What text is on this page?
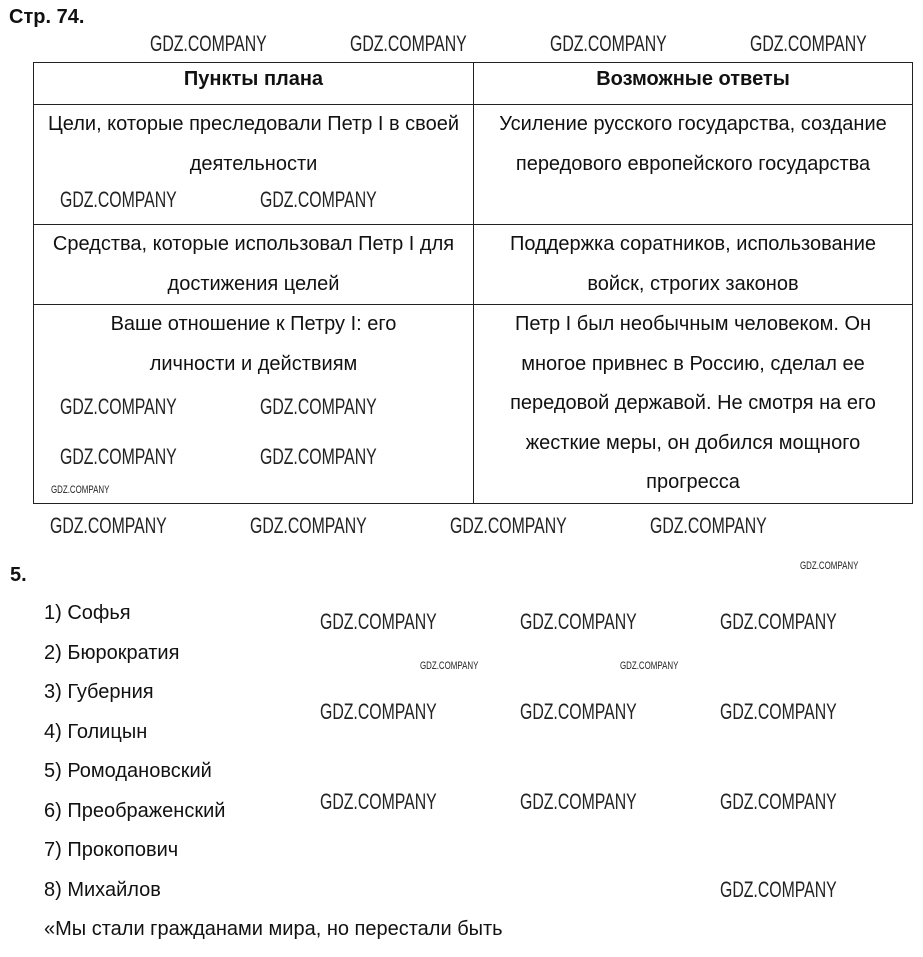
Стр. 74.
Пункты плана	Возможные ответы
Цели, которые преследовали Петр I в своей деятельности	Усиление русского государства, создание передового европейского государства
Средства, которые использовал Петр I для достижения целей	Поддержка соратников, использование войск, строгих законов
Ваше отношение к Петру I: его личности и действиям	Петр I был необычным человеком. Он многое привнес в Россию, сделал ее передовой державой. Не смотря на его жесткие меры, он добился мощного прогресса
5.
1) Софья
2) Бюрократия
3) Губерния
4) Голицын
5) Ромодановский
6) Преображенский
7) Прокопович
8) Михайлов
«Мы стали гражданами мира, но перестали быть
GDZ.COMPANY	GDZ.COMPANY	GDZ.COMPANY	GDZ.COMPANY
GDZ.COMPANY	GDZ.COMPANY
GDZ.COMPANY	GDZ.COMPANY
GDZ.COMPANY	GDZ.COMPANY
GDZ.COMPANY
GDZ.COMPANY	GDZ.COMPANY	GDZ.COMPANY	GDZ.COMPANY
GDZ.COMPANY
GDZ.COMPANY	GDZ.COMPANY	GDZ.COMPANY
GDZ.COMPANY
GDZ.COMPANY	GDZ.COMPANY	GDZ.COMPANY
GDZ.COMPANY	GDZ.COMPANY	GDZ.COMPANY
GDZ.COMPANY
GDZ.COMPANY
